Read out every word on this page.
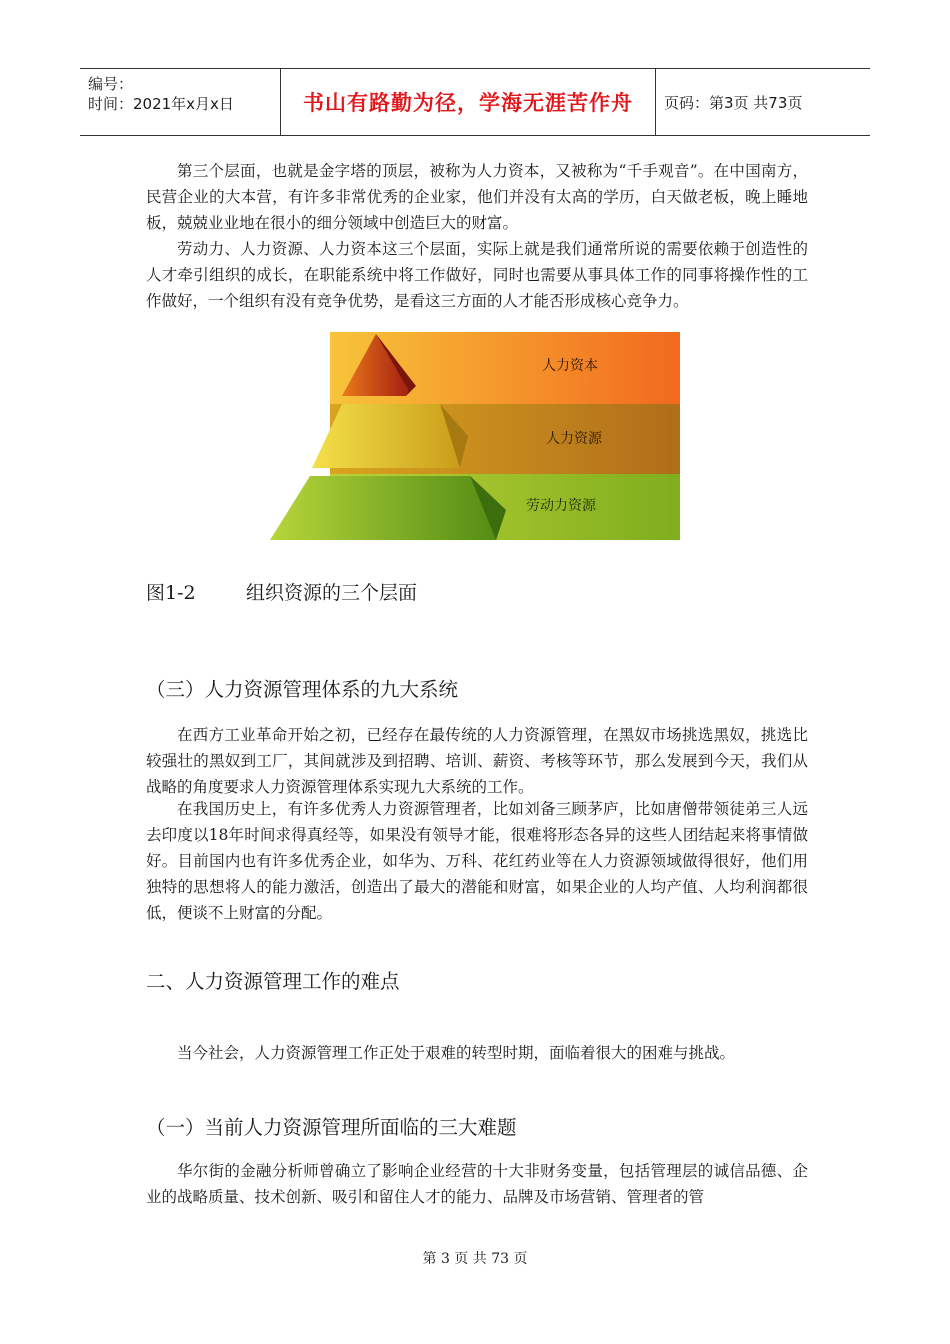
编号：
时间：2021年x月x日	书山有路勤为径，学海无涯苦作舟	页码：第3页 共73页
第三个层面，也就是金字塔的顶层，被称为人力资本，又被称为“千手观音”。在中国南方，民营企业的大本营，有许多非常优秀的企业家，他们并没有太高的学历，白天做老板，晚上睡地板，兢兢业业地在很小的细分领域中创造巨大的财富。
劳动力、人力资源、人力资本这三个层面，实际上就是我们通常所说的需要依赖于创造性的人才牵引组织的成长，在职能系统中将工作做好，同时也需要从事具体工作的同事将操作性的工作做好，一个组织有没有竞争优势，是看这三方面的人才能否形成核心竞争力。
人力资本
人力资源
劳动力资源
图1-2	组织资源的三个层面
（三）人力资源管理体系的九大系统
在西方工业革命开始之初，已经存在最传统的人力资源管理，在黑奴市场挑选黑奴，挑选比较强壮的黑奴到工厂，其间就涉及到招聘、培训、薪资、考核等环节，那么发展到今天，我们从战略的角度要求人力资源管理体系实现九大系统的工作。
在我国历史上，有许多优秀人力资源管理者，比如刘备三顾茅庐，比如唐僧带领徒弟三人远去印度以18年时间求得真经等，如果没有领导才能，很难将形态各异的这些人团结起来将事情做好。目前国内也有许多优秀企业，如华为、万科、花红药业等在人力资源领域做得很好，他们用独特的思想将人的能力激活，创造出了最大的潜能和财富，如果企业的人均产值、人均利润都很低，便谈不上财富的分配。
二、人力资源管理工作的难点
当今社会，人力资源管理工作正处于艰难的转型时期，面临着很大的困难与挑战。
（一）当前人力资源管理所面临的三大难题
华尔街的金融分析师曾确立了影响企业经营的十大非财务变量，包括管理层的诚信品德、企业的战略质量、技术创新、吸引和留住人才的能力、品牌及市场营销、管理者的管
第 3 页 共 73 页
